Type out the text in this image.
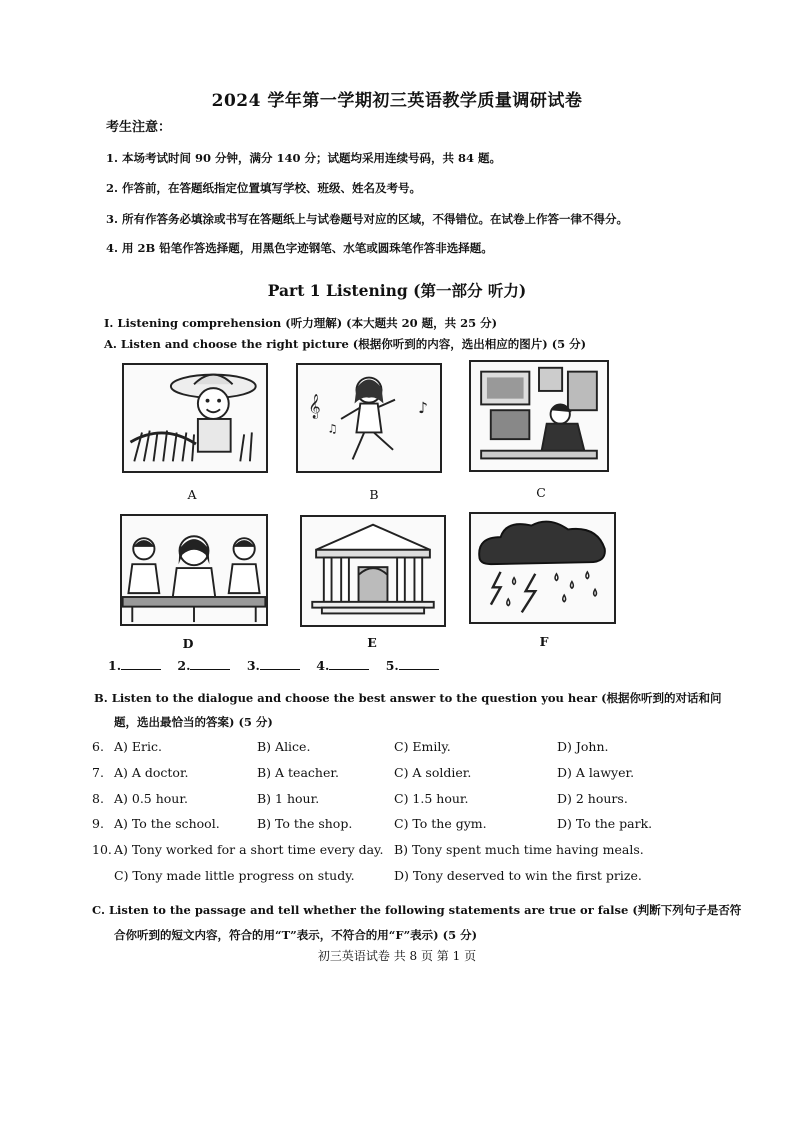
2024 学年第一学期初三英语教学质量调研试卷
考生注意：
1. 本场考试时间 90 分钟，满分 140 分；试题均采用连续号码，共 84 题。
2. 作答前，在答题纸指定位置填写学校、班级、姓名及考号。
3. 所有作答务必填涂或书写在答题纸上与试卷题号对应的区域，不得错位。在试卷上作答一律不得分。
4. 用 2B 铅笔作答选择题，用黑色字迹钢笔、水笔或圆珠笔作答非选择题。
Part 1 Listening (第一部分 听力)
I. Listening comprehension (听力理解) (本大题共 20 题，共 25 分)
A. Listen and choose the right picture (根据你听到的内容，选出相应的图片) (5 分)
A
𝄞	♪
♫
B	C
D	E	F
1.	2.	3.	4.	5.
B. Listen to the dialogue and choose the best answer to the question you hear (根据你听到的对话和问
题，选出最恰当的答案) (5 分)
6. A) Eric.	B) Alice.	C) Emily.	D) John.
7. A) A doctor.	B) A teacher.	C) A soldier.	D) A lawyer.
8. A) 0.5 hour.	B) 1 hour.	C) 1.5 hour.	D) 2 hours.
9. A) To the school.	B) To the shop.	C) To the gym.	D) To the park.
10. A) Tony worked for a short time every day. B) Tony spent much time having meals.
C) Tony made little progress on study.	D) Tony deserved to win the first prize.
C. Listen to the passage and tell whether the following statements are true or false (判断下列句子是否符
合你听到的短文内容，符合的用“T”表示，不符合的用“F”表示) (5 分)
初三英语试卷 共 8 页 第 1 页
